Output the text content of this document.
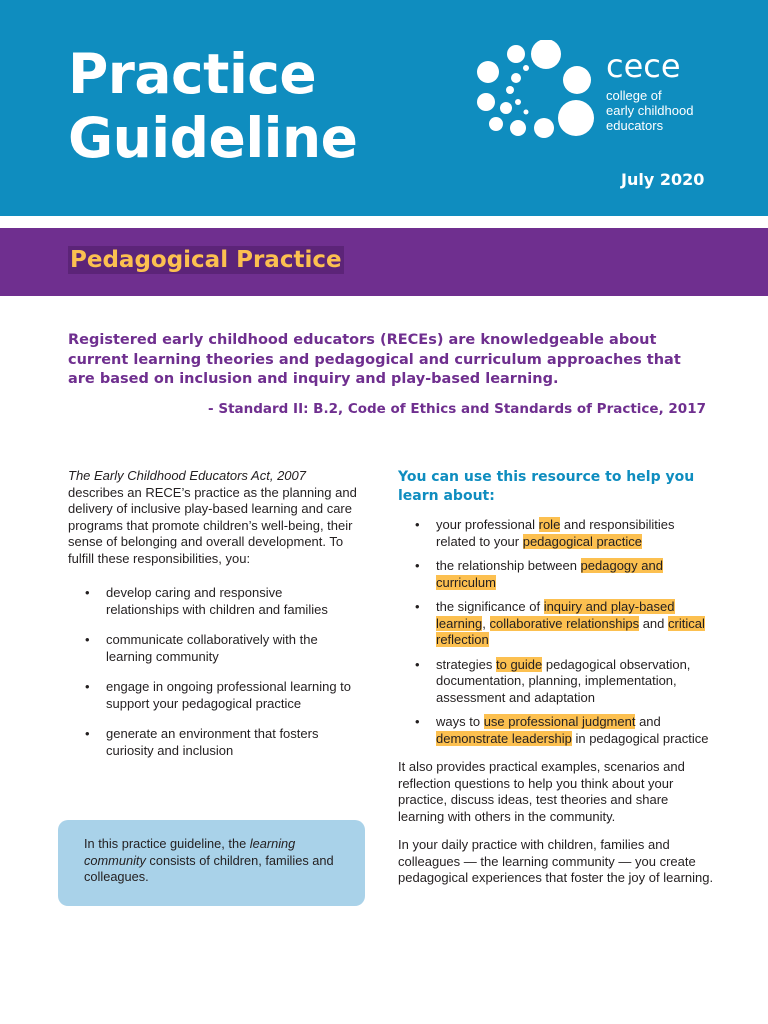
Practice
Guideline
cece
college of
early childhood
educators
July 2020
Pedagogical Practice

Registered early childhood educators (RECEs) are knowledgeable about current learning theories and pedagogical and curriculum approaches that are based on inclusion and inquiry and play-based learning.

- Standard II: B.2, Code of Ethics and Standards of Practice, 2017

The Early Childhood Educators Act, 2007 describes an RECE’s practice as the planning and delivery of inclusive play-based learning and care programs that promote children’s well-being, their sense of belonging and overall development. To fulfill these responsibilities, you:

• develop caring and responsive relationships with children and families
• communicate collaboratively with the learning community
• engage in ongoing professional learning to support your pedagogical practice
• generate an environment that fosters curiosity and inclusion
In this practice guideline, the learning community consists of children, families and colleagues.
You can use this resource to help you learn about:
• your professional role and responsibilities related to your pedagogical practice
• the relationship between pedagogy and curriculum
• the significance of inquiry and play-based learning, collaborative relationships and critical reflection
• strategies to guide pedagogical observation, documentation, planning, implementation, assessment and adaptation
• ways to use professional judgment and demonstrate leadership in pedagogical practice

It also provides practical examples, scenarios and reflection questions to help you think about your practice, discuss ideas, test theories and share learning with others in the community.

In your daily practice with children, families and colleagues — the learning community — you create pedagogical experiences that foster the joy of learning.
